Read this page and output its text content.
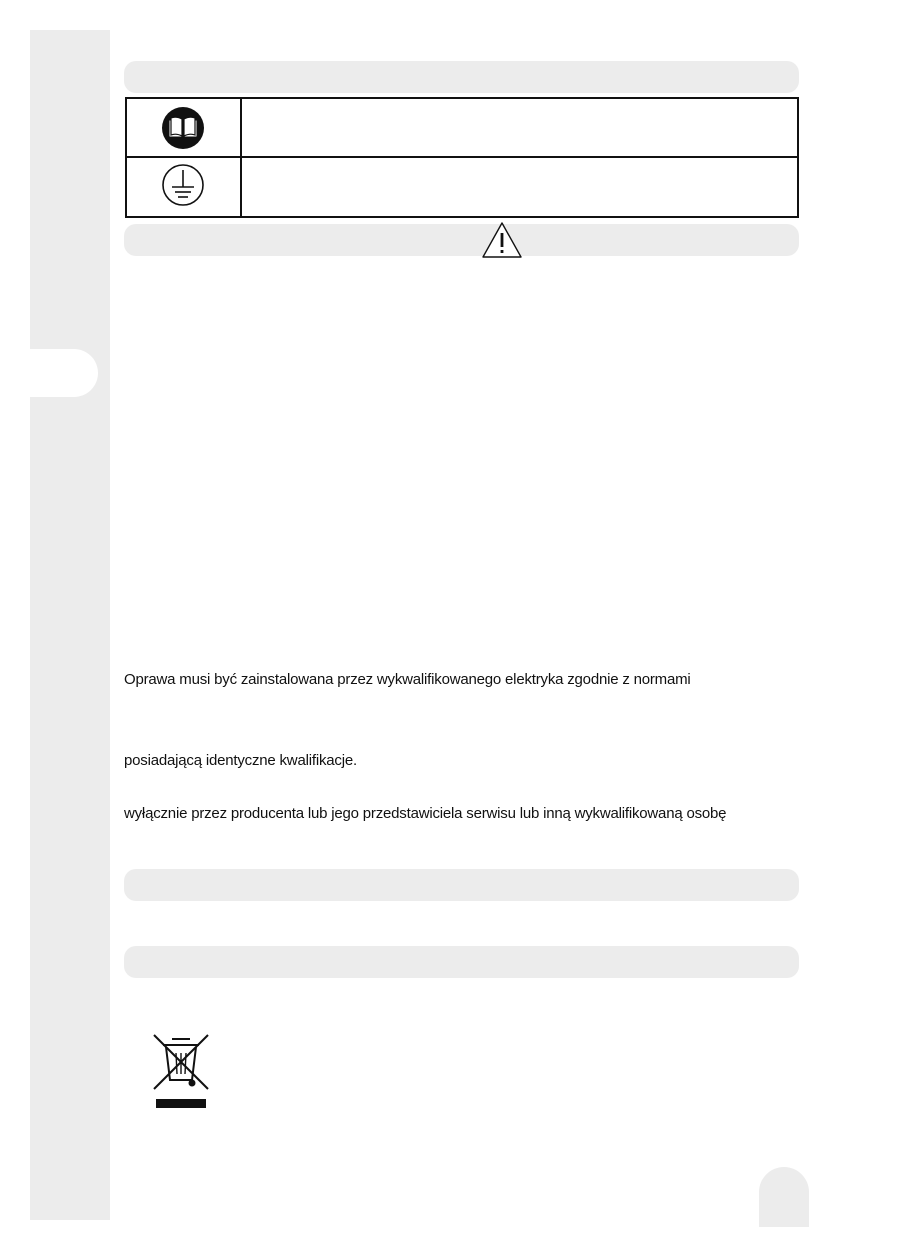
Oprawa musi być zainstalowana przez wykwalifikowanego elektryka zgodnie z normami
posiadającą identyczne kwalifikacje.
wyłącznie przez producenta lub jego przedstawiciela serwisu lub inną wykwalifikowaną osobę
